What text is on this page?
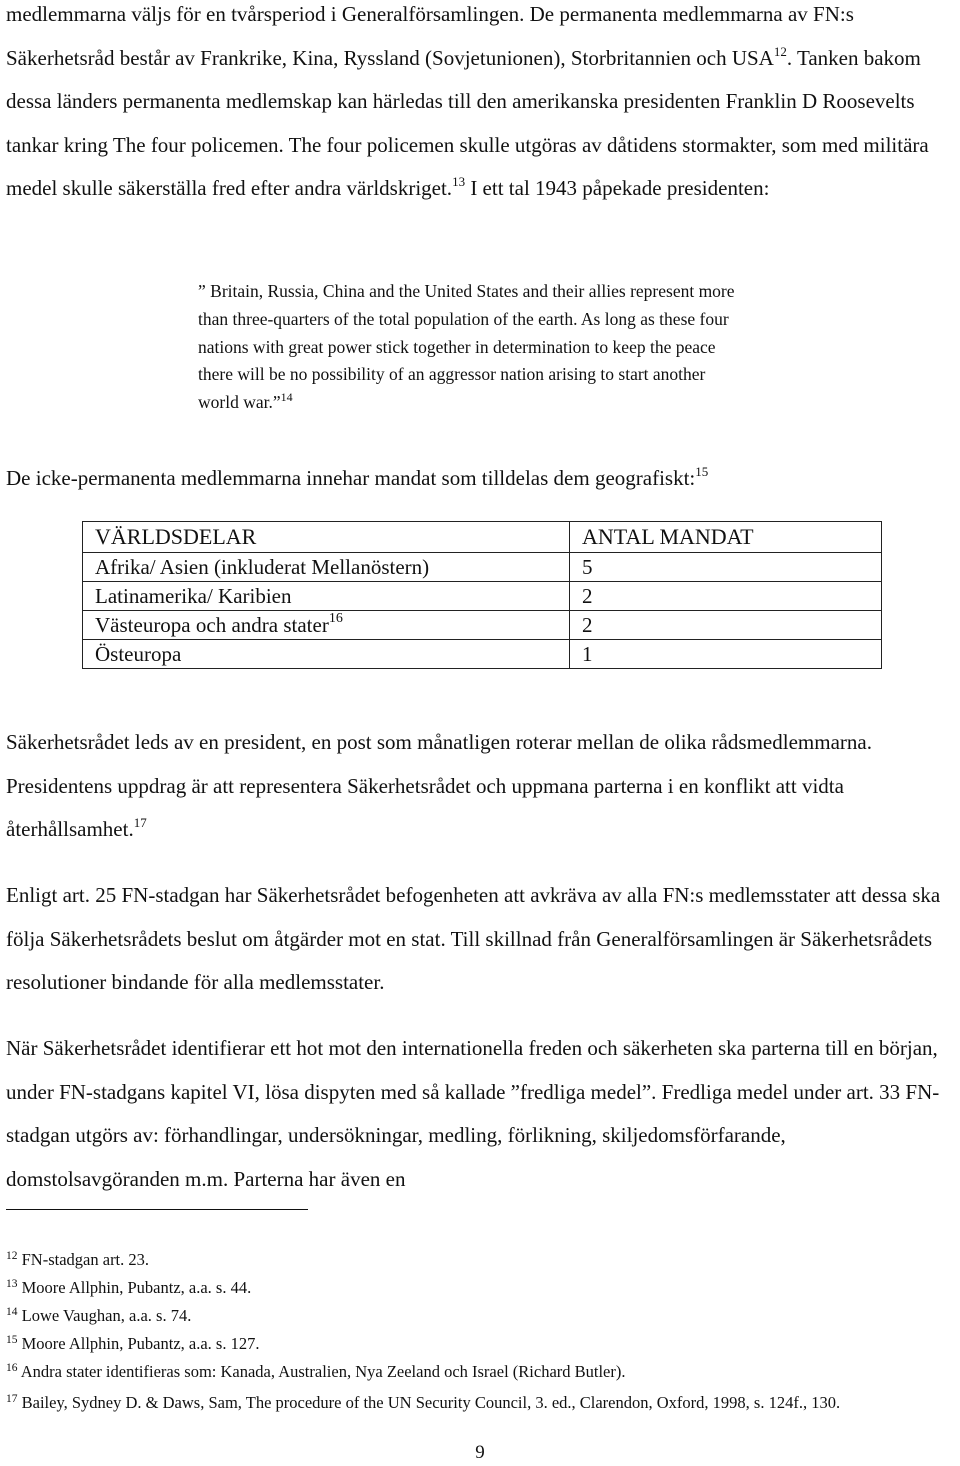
medlemmarna väljs för en tvårsperiod i Generalförsamlingen. De permanenta medlemmarna av FN:s Säkerhetsråd består av Frankrike, Kina, Ryssland (Sovjetunionen), Storbritannien och USA$^{12}$. Tanken bakom dessa länders permanenta medlemskap kan härledas till den amerikanska presidenten Franklin D Roosevelts tankar kring The four policemen. The four policemen skulle utgöras av dåtidens stormakter, som med militära medel skulle säkerställa fred efter andra världskriget.$^{13}$ I ett tal 1943 påpekade presidenten:

” Britain, Russia, China and the United States and their allies represent more than three-quarters of the total population of the earth. As long as these four nations with great power stick together in determination to keep the peace there will be no possibility of an aggressor nation arising to start another world war.”$^{14}$

De icke-permanenta medlemmarna innehar mandat som tilldelas dem geografiskt:$^{15}$

VÄRLDSDELAR	ANTAL MANDAT
Afrika/ Asien (inkluderat Mellanöstern)	5
Latinamerika/ Karibien	2
Västeuropa och andra stater$^{16}$	2
Östeuropa	1

Säkerhetsrådet leds av en president, en post som månatligen roterar mellan de olika rådsmedlemmarna. Presidentens uppdrag är att representera Säkerhetsrådet och uppmana parterna i en konflikt att vidta återhållsamhet.$^{17}$

Enligt art. 25 FN-stadgan har Säkerhetsrådet befogenheten att avkräva av alla FN:s medlemsstater att dessa ska följa Säkerhetsrådets beslut om åtgärder mot en stat. Till skillnad från Generalförsamlingen är Säkerhetsrådets resolutioner bindande för alla medlemsstater.

När Säkerhetsrådet identifierar ett hot mot den internationella freden och säkerheten ska parterna till en början, under FN-stadgans kapitel VI, lösa dispyten med så kallade ”fredliga medel”. Fredliga medel under art. 33 FN-stadgan utgörs av: förhandlingar, undersökningar, medling, förlikning, skiljedomsförfarande, domstolsavgöranden m.m. Parterna har även en

$^{12}$ FN-stadgan art. 23.

$^{13}$ Moore Allphin, Pubantz, a.a. s. 44.

$^{14}$ Lowe Vaughan, a.a. s. 74.

$^{15}$ Moore Allphin, Pubantz, a.a. s. 127.

$^{16}$ Andra stater identifieras som: Kanada, Australien, Nya Zeeland och Israel (Richard Butler).

$^{17}$ Bailey, Sydney D. & Daws, Sam, The procedure of the UN Security Council, 3. ed., Clarendon, Oxford, 1998, s. 124f., 130.

9
